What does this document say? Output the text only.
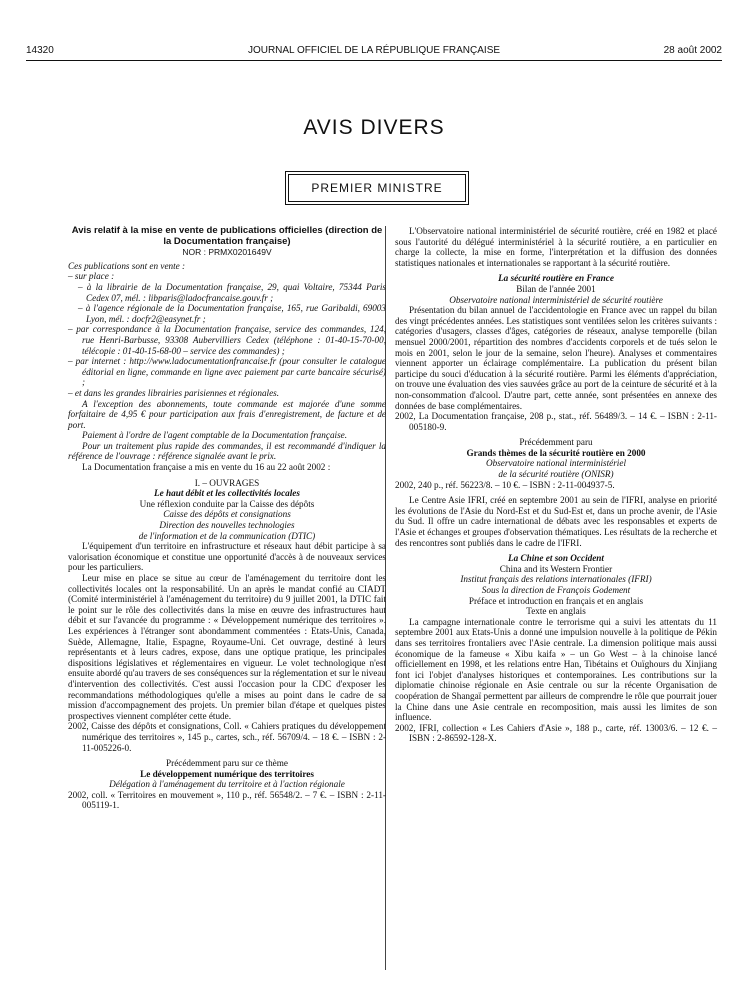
14320	JOURNAL OFFICIEL DE LA RÉPUBLIQUE FRANÇAISE	28 août 2002
AVIS DIVERS
PREMIER MINISTRE

Avis relatif à la mise en vente de publications officielles (direction de la Documentation française)

NOR : PRMX0201649V

Ces publications sont en vente :

– sur place :

– à la librairie de la Documentation française, 29, quai Voltaire, 75344 Paris Cedex 07, mél. : libparis@ladocfrancaise.gouv.fr ;

– à l'agence régionale de la Documentation française, 165, rue Garibaldi, 69003 Lyon, mél. : docfr2@easynet.fr ;

– par correspondance à la Documentation française, service des commandes, 124, rue Henri-Barbusse, 93308 Aubervilliers Cedex (téléphone : 01-40-15-70-00, télécopie : 01-40-15-68-00 – service des commandes) ;

– par internet : http://www.ladocumentationfrancaise.fr (pour consulter le catalogue éditorial en ligne, commande en ligne avec paiement par carte bancaire sécurisé) ;

– et dans les grandes librairies parisiennes et régionales.

A l'exception des abonnements, toute commande est majorée d'une somme forfaitaire de 4,95 € pour participation aux frais d'enregistrement, de facture et de port.

Paiement à l'ordre de l'agent comptable de la Documentation française.

Pour un traitement plus rapide des commandes, il est recommandé d'indiquer la référence de l'ouvrage : référence signalée avant le prix.

La Documentation française a mis en vente du 16 au 22 août 2002 :

I. – OUVRAGES

Le haut débit et les collectivités locales

Une réflexion conduite par la Caisse des dépôts

Caisse des dépôts et consignations

Direction des nouvelles technologies

de l'information et de la communication (DTIC)

L'équipement d'un territoire en infrastructure et réseaux haut débit participe à sa valorisation économique et constitue une opportunité d'accès à de nouveaux services pour les particuliers.

Leur mise en place se situe au cœur de l'aménagement du territoire dont les collectivités locales ont la responsabilité. Un an après le mandat confié au CIADT (Comité interministériel à l'aménagement du territoire) du 9 juillet 2001, la DTIC fait le point sur le rôle des collectivités dans la mise en œuvre des infrastructures haut débit et sur l'avancée du programme : « Développement numérique des territoires ». Les expériences à l'étranger sont abondamment commentées : Etats-Unis, Canada, Suède, Allemagne, Italie, Espagne, Royaume-Uni. Cet ouvrage, destiné à leurs représentants et à leurs cadres, expose, dans une optique pratique, les principales dispositions législatives et réglementaires en vigueur. Le volet technologique n'est ensuite abordé qu'au travers de ses conséquences sur la réglementation et sur le niveau d'intervention des collectivités. C'est aussi l'occasion pour la CDC d'exposer les recommandations méthodologiques qu'elle a mises au point dans le cadre de sa mission d'accompagnement des projets. Un premier bilan d'étape et quelques pistes prospectives viennent compléter cette étude.

2002, Caisse des dépôts et consignations, Coll. « Cahiers pratiques du développement numérique des territoires », 145 p., cartes, sch., réf. 56709/4. – 18 €. – ISBN : 2-11-005226-0.

Précédemment paru sur ce thème

Le développement numérique des territoires

Délégation à l'aménagement du territoire et à l'action régionale

2002, coll. « Territoires en mouvement », 110 p., réf. 56548/2. – 7 €. – ISBN : 2-11-005119-1.

L'Observatoire national interministériel de sécurité routière, créé en 1982 et placé sous l'autorité du délégué interministériel à la sécurité routière, a en particulier en charge la collecte, la mise en forme, l'interprétation et la diffusion des données statistiques nationales et internationales se rapportant à la sécurité routière.

La sécurité routière en France

Bilan de l'année 2001

Observatoire national interministériel de sécurité routière

Présentation du bilan annuel de l'accidentologie en France avec un rappel du bilan des vingt précédentes années. Les statistiques sont ventilées selon les critères suivants : catégories d'usagers, classes d'âges, catégories de réseaux, analyse temporelle (bilan mensuel 2000/2001, répartition des nombres d'accidents corporels et de tués selon le mois en 2001, selon le jour de la semaine, selon l'heure). Analyses et commentaires viennent apporter un éclairage complémentaire. La publication du présent bilan participe du souci d'éducation à la sécurité routière. Parmi les éléments d'appréciation, on trouve une évaluation des vies sauvées grâce au port de la ceinture de sécurité et à la non-consommation d'alcool. D'autre part, cette année, sont présentées en annexe des données de base complémentaires.

2002, La Documentation française, 208 p., stat., réf. 56489/3. – 14 €. – ISBN : 2-11-005180-9.

Précédemment paru

Grands thèmes de la sécurité routière en 2000

Observatoire national interministériel

de la sécurité routière (ONISR)

2002, 240 p., réf. 56223/8. – 10 €. – ISBN : 2-11-004937-5.

Le Centre Asie IFRI, créé en septembre 2001 au sein de l'IFRI, analyse en priorité les évolutions de l'Asie du Nord-Est et du Sud-Est et, dans un proche avenir, de l'Asie du Sud. Il offre un cadre international de débats avec les responsables et experts de l'Asie et échanges et groupes d'observation thématiques. Les résultats de la recherche et des rencontres sont publiés dans le cadre de l'IFRI.

La Chine et son Occident

China and its Western Frontier

Institut français des relations internationales (IFRI)

Sous la direction de François Godement

Préface et introduction en français et en anglais

Texte en anglais

La campagne internationale contre le terrorisme qui a suivi les attentats du 11 septembre 2001 aux Etats-Unis a donné une impulsion nouvelle à la politique de Pékin dans ses territoires frontaliers avec l'Asie centrale. La dimension politique mais aussi économique de la fameuse « Xibu kaifa » – un Go West – à la chinoise lancé officiellement en 1998, et les relations entre Han, Tibétains et Ouïghours du Xinjiang font ici l'objet d'analyses historiques et contemporaines. Les contributions sur la diplomatie chinoise régionale en Asie centrale ou sur la récente Organisation de coopération de Shangaï permettent par ailleurs de comprendre le rôle que pourrait jouer la Chine dans une Asie centrale en recomposition, mais aussi les limites de son influence.

2002, IFRI, collection « Les Cahiers d'Asie », 188 p., carte, réf. 13003/6. – 12 €. – ISBN : 2-86592-128-X.
